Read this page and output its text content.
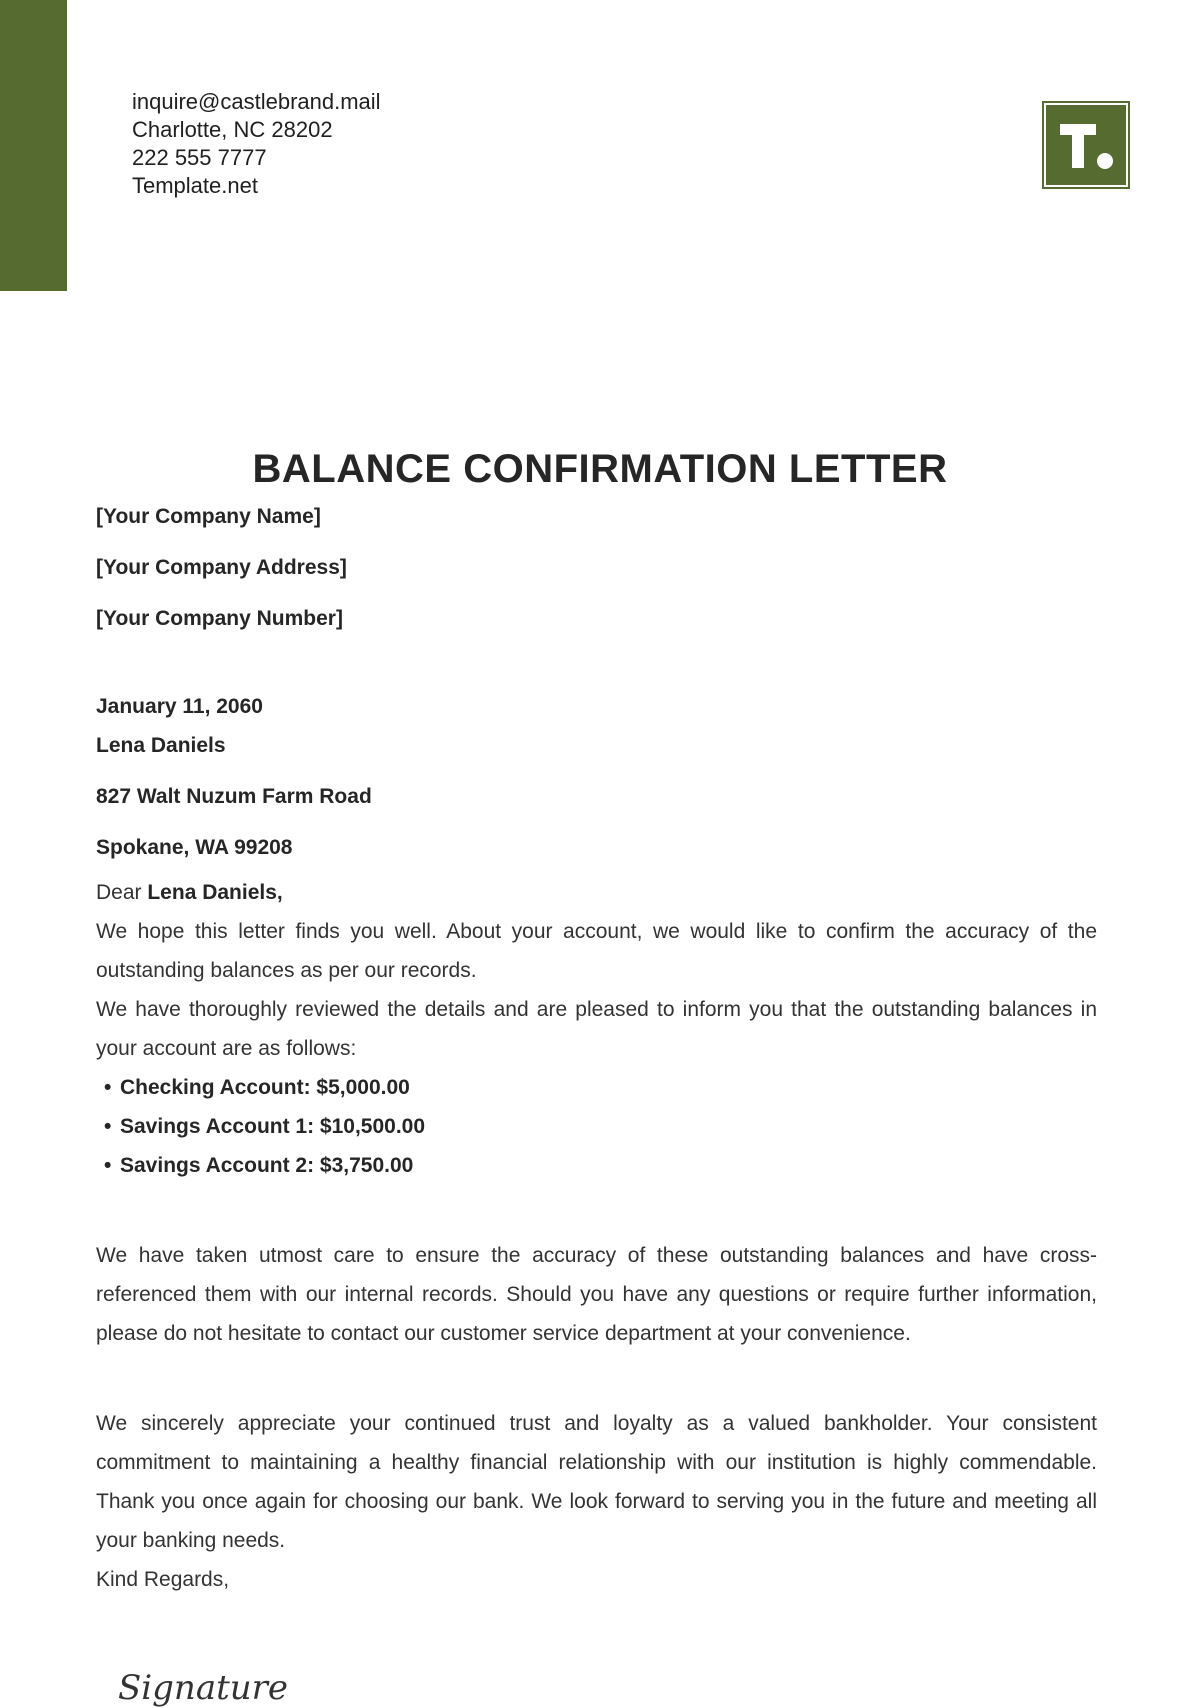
inquire@castlebrand.mail
Charlotte, NC 28202
222 555 7777
Template.net
BALANCE CONFIRMATION LETTER
[Your Company Name]
[Your Company Address]
[Your Company Number]
January 11, 2060
Lena Daniels
827 Walt Nuzum Farm Road
Spokane, WA 99208

Dear Lena Daniels,

We hope this letter finds you well. About your account, we would like to confirm the accuracy of the outstanding balances as per our records.

We have thoroughly reviewed the details and are pleased to inform you that the outstanding balances in your account are as follows:

• Checking Account: $5,000.00
• Savings Account 1: $10,500.00
• Savings Account 2: $3,750.00

We have taken utmost care to ensure the accuracy of these outstanding balances and have cross-referenced them with our internal records. Should you have any questions or require further information, please do not hesitate to contact our customer service department at your convenience.

We sincerely appreciate your continued trust and loyalty as a valued bankholder. Your consistent commitment to maintaining a healthy financial relationship with our institution is highly commendable. Thank you once again for choosing our bank. We look forward to serving you in the future and meeting all your banking needs.

Kind Regards,

Signature
